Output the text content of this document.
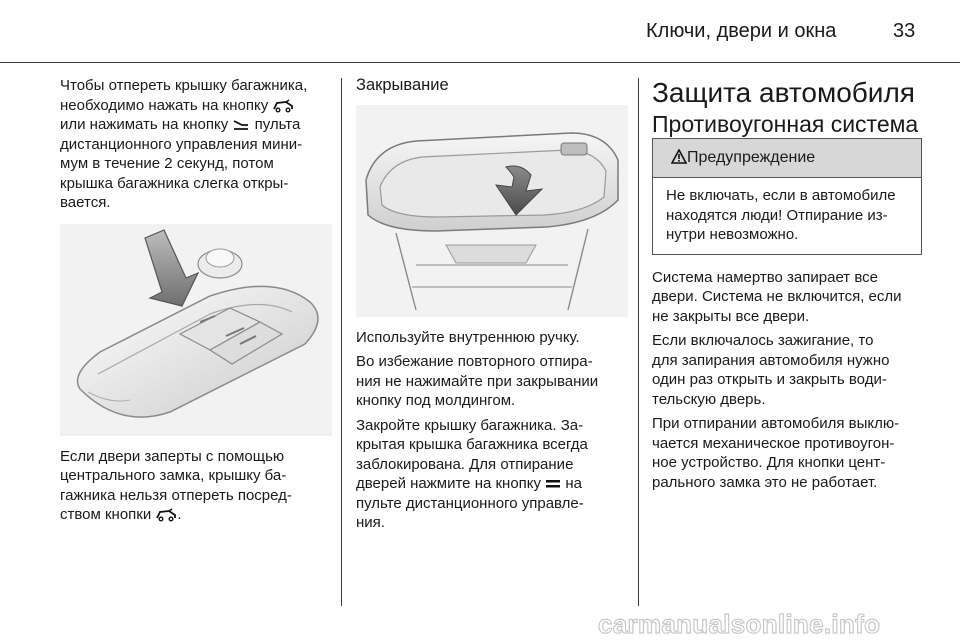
Ключи, двери и окна	33

Чтобы отпереть крышку багажника,
необходимо нажать на кнопку
или нажимать на кнопку пульта
дистанционного управления мини-
мум в течение 2 секунд, потом
крышка багажника слегка откры-
вается.

Если двери заперты с помощью
центрального замка, крышку ба-
гажника нельзя отпереть посред-
ством кнопки .

Закрывание

Используйте внутреннюю ручку.

Во избежание повторного отпира-
ния не нажимайте при закрывании
кнопку под молдингом.

Закройте крышку багажника. За-
крытая крышка багажника всегда
заблокирована. Для отпирание
дверей нажмите на кнопку на
пульте дистанционного управле-
ния.

Защита автомобиля

Противоугонная система

Предупреждение
Не включать, если в автомобиле
находятся люди! Отпирание из-
нутри невозможно.

Система намертво запирает все
двери. Система не включится, если
не закрыты все двери.

Если включалось зажигание, то
для запирания автомобиля нужно
один раз открыть и закрыть води-
тельскую дверь.

При отпирании автомобиля выклю-
чается механическое противоугон-
ное устройство. Для кнопки цент-
рального замка это не работает.

carmanualsonline.info
